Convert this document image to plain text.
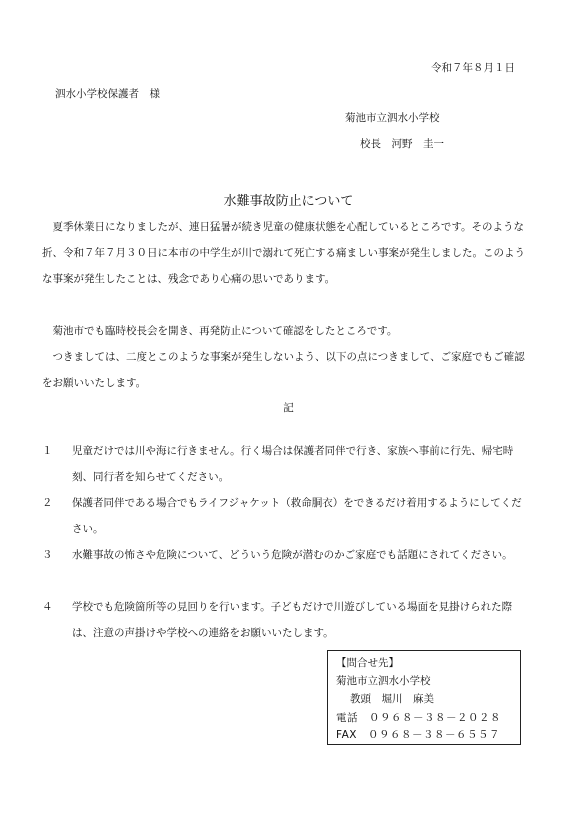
令和７年８月１日
泗水小学校保護者　様
菊池市立泗水小学校
校長　河野　圭一
水難事故防止について
夏季休業日になりましたが、連日猛暑が続き児童の健康状態を心配しているところです。そのような折、令和７年７月３０日に本市の中学生が川で溺れて死亡する痛ましい事案が発生しました。このような事案が発生したことは、残念であり心痛の思いであります。
菊池市でも臨時校長会を開き、再発防止について確認をしたところです。
つきましては、二度とこのような事案が発生しないよう、以下の点につきまして、ご家庭でもご確認をお願いいたします。
記
１	児童だけでは川や海に行きません。行く場合は保護者同伴で行き、家族へ事前に行先、帰宅時刻、同行者を知らせてください。
２	保護者同伴である場合でもライフジャケット（救命胴衣）をできるだけ着用するようにしてください。
３	水難事故の怖さや危険について、どういう危険が潜むのかご家庭でも話題にされてください。
４	学校でも危険箇所等の見回りを行います。子どもだけで川遊びしている場面を見掛けられた際は、注意の声掛けや学校への連絡をお願いいたします。
【問合せ先】
菊池市立泗水小学校
教頭　堀川　麻美
電話　０９６８－３８－２０２８
FAX　０９６８－３８－６５５７
